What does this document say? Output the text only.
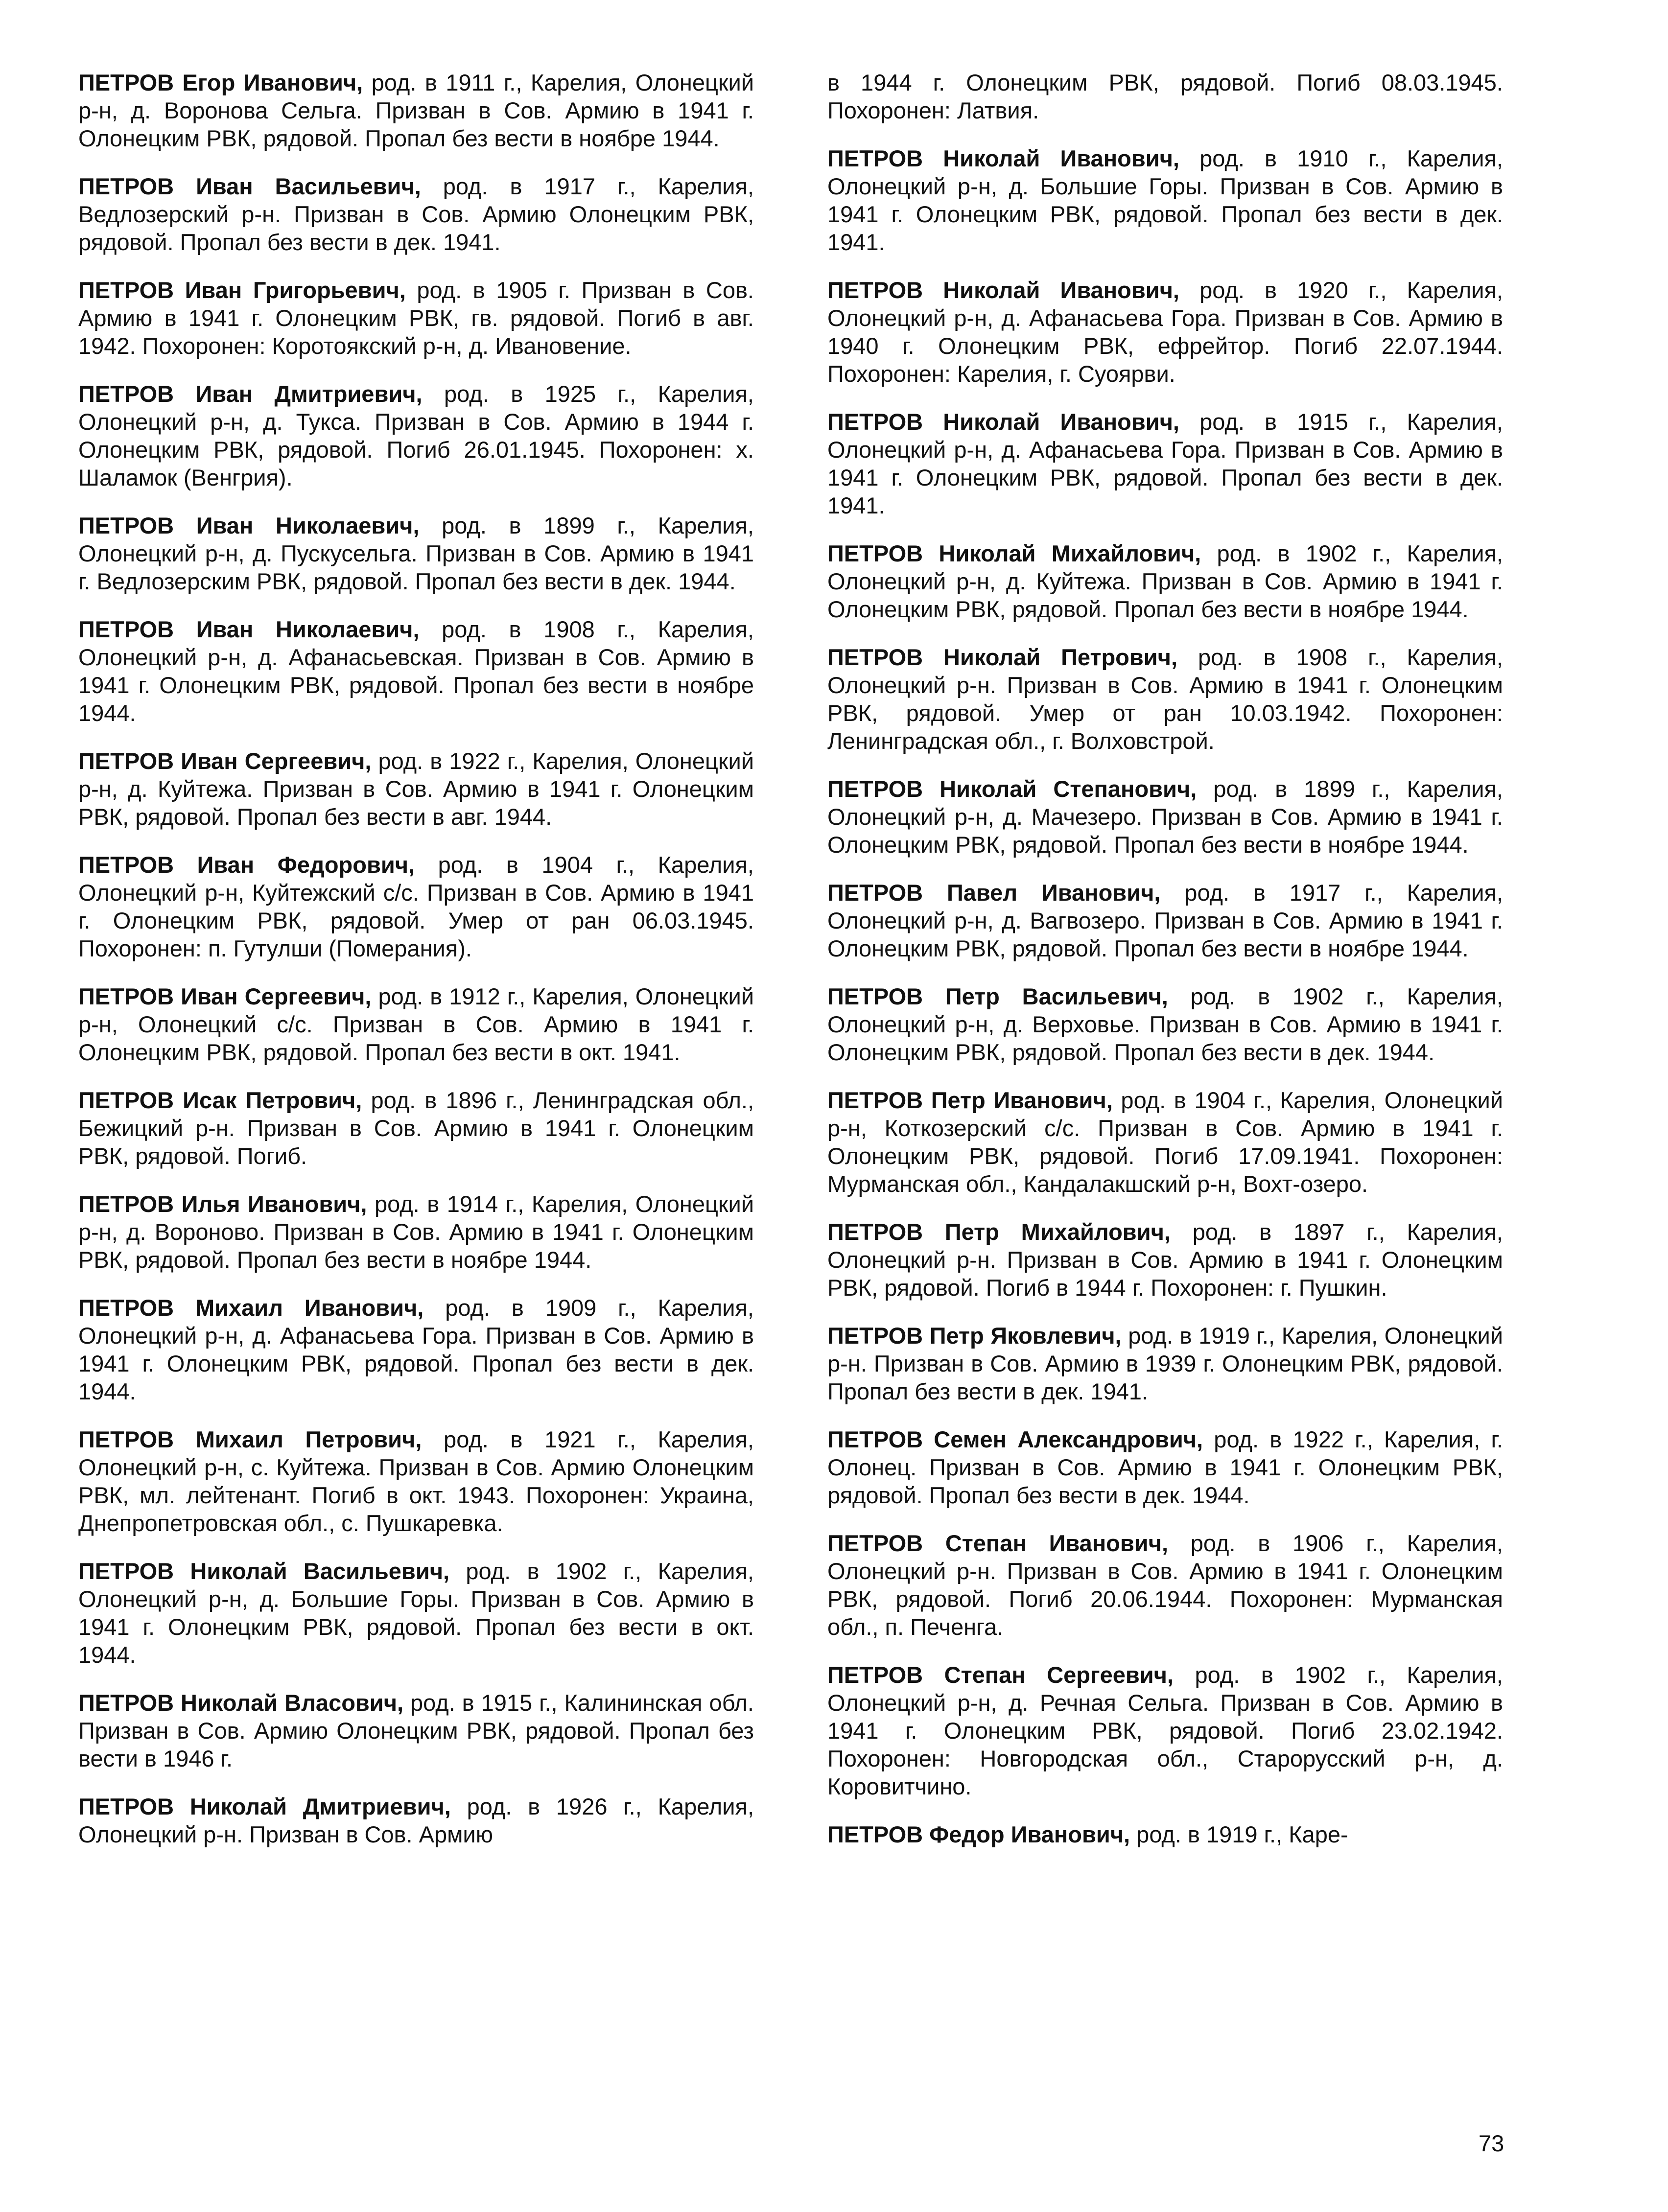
ПЕТРОВ Егор Иванович, род. в 1911 г., Карелия, Олонецкий р-н, д. Воронова Сельга. Призван в Сов. Армию в 1941 г. Олонецким РВК, рядовой. Пропал без вести в ноябре 1944.

ПЕТРОВ Иван Васильевич, род. в 1917 г., Карелия, Ведлозерский р-н. Призван в Сов. Армию Олонецким РВК, рядовой. Пропал без вести в дек. 1941.

ПЕТРОВ Иван Григорьевич, род. в 1905 г. Призван в Сов. Армию в 1941 г. Олонецким РВК, гв. рядовой. Погиб в авг. 1942. Похоронен: Коротоякский р-н, д. Ивановение.

ПЕТРОВ Иван Дмитриевич, род. в 1925 г., Карелия, Олонецкий р-н, д. Тукса. Призван в Сов. Армию в 1944 г. Олонецким РВК, рядовой. Погиб 26.01.1945. Похоронен: х. Шаламок (Венгрия).

ПЕТРОВ Иван Николаевич, род. в 1899 г., Карелия, Олонецкий р-н, д. Пускусельга. Призван в Сов. Армию в 1941 г. Ведлозерским РВК, рядовой. Пропал без вести в дек. 1944.

ПЕТРОВ Иван Николаевич, род. в 1908 г., Карелия, Олонецкий р-н, д. Афанасьевская. Призван в Сов. Армию в 1941 г. Олонецким РВК, рядовой. Пропал без вести в ноябре 1944.

ПЕТРОВ Иван Сергеевич, род. в 1922 г., Карелия, Олонецкий р-н, д. Куйтежа. Призван в Сов. Армию в 1941 г. Олонецким РВК, рядовой. Пропал без вести в авг. 1944.

ПЕТРОВ Иван Федорович, род. в 1904 г., Карелия, Олонецкий р-н, Куйтежский с/с. Призван в Сов. Армию в 1941 г. Олонецким РВК, рядовой. Умер от ран 06.03.1945. Похоронен: п. Гутулши (Померания).

ПЕТРОВ Иван Сергеевич, род. в 1912 г., Карелия, Олонецкий р-н, Олонецкий с/с. Призван в Сов. Армию в 1941 г. Олонецким РВК, рядовой. Пропал без вести в окт. 1941.

ПЕТРОВ Исак Петрович, род. в 1896 г., Ленинградская обл., Бежицкий р-н. Призван в Сов. Армию в 1941 г. Олонецким РВК, рядовой. Погиб.

ПЕТРОВ Илья Иванович, род. в 1914 г., Карелия, Олонецкий р-н, д. Вороново. Призван в Сов. Армию в 1941 г. Олонецким РВК, рядовой. Пропал без вести в ноябре 1944.

ПЕТРОВ Михаил Иванович, род. в 1909 г., Карелия, Олонецкий р-н, д. Афанасьева Гора. Призван в Сов. Армию в 1941 г. Олонецким РВК, рядовой. Пропал без вести в дек. 1944.

ПЕТРОВ Михаил Петрович, род. в 1921 г., Карелия, Олонецкий р-н, с. Куйтежа. Призван в Сов. Армию Олонецким РВК, мл. лейтенант. Погиб в окт. 1943. Похоронен: Украина, Днепропетровская обл., с. Пушкаревка.

ПЕТРОВ Николай Васильевич, род. в 1902 г., Карелия, Олонецкий р-н, д. Большие Горы. Призван в Сов. Армию в 1941 г. Олонецким РВК, рядовой. Пропал без вести в окт. 1944.

ПЕТРОВ Николай Власович, род. в 1915 г., Калининская обл. Призван в Сов. Армию Олонецким РВК, рядовой. Пропал без вести в 1946 г.

ПЕТРОВ Николай Дмитриевич, род. в 1926 г., Карелия, Олонецкий р-н. Призван в Сов. Армию

в 1944 г. Олонецким РВК, рядовой. Погиб 08.03.1945. Похоронен: Латвия.

ПЕТРОВ Николай Иванович, род. в 1910 г., Карелия, Олонецкий р-н, д. Большие Горы. Призван в Сов. Армию в 1941 г. Олонецким РВК, рядовой. Пропал без вести в дек. 1941.

ПЕТРОВ Николай Иванович, род. в 1920 г., Карелия, Олонецкий р-н, д. Афанасьева Гора. Призван в Сов. Армию в 1940 г. Олонецким РВК, ефрейтор. Погиб 22.07.1944. Похоронен: Карелия, г. Суоярви.

ПЕТРОВ Николай Иванович, род. в 1915 г., Карелия, Олонецкий р-н, д. Афанасьева Гора. Призван в Сов. Армию в 1941 г. Олонецким РВК, рядовой. Пропал без вести в дек. 1941.

ПЕТРОВ Николай Михайлович, род. в 1902 г., Карелия, Олонецкий р-н, д. Куйтежа. Призван в Сов. Армию в 1941 г. Олонецким РВК, рядовой. Пропал без вести в ноябре 1944.

ПЕТРОВ Николай Петрович, род. в 1908 г., Карелия, Олонецкий р-н. Призван в Сов. Армию в 1941 г. Олонецким РВК, рядовой. Умер от ран 10.03.1942. Похоронен: Ленинградская обл., г. Волховстрой.

ПЕТРОВ Николай Степанович, род. в 1899 г., Карелия, Олонецкий р-н, д. Мачезеро. Призван в Сов. Армию в 1941 г. Олонецким РВК, рядовой. Пропал без вести в ноябре 1944.

ПЕТРОВ Павел Иванович, род. в 1917 г., Карелия, Олонецкий р-н, д. Вагвозеро. Призван в Сов. Армию в 1941 г. Олонецким РВК, рядовой. Пропал без вести в ноябре 1944.

ПЕТРОВ Петр Васильевич, род. в 1902 г., Карелия, Олонецкий р-н, д. Верховье. Призван в Сов. Армию в 1941 г. Олонецким РВК, рядовой. Пропал без вести в дек. 1944.

ПЕТРОВ Петр Иванович, род. в 1904 г., Карелия, Олонецкий р-н, Коткозерский с/с. Призван в Сов. Армию в 1941 г. Олонецким РВК, рядовой. Погиб 17.09.1941. Похоронен: Мурманская обл., Кандалакшский р-н, Вохт-озеро.

ПЕТРОВ Петр Михайлович, род. в 1897 г., Карелия, Олонецкий р-н. Призван в Сов. Армию в 1941 г. Олонецким РВК, рядовой. Погиб в 1944 г. Похоронен: г. Пушкин.

ПЕТРОВ Петр Яковлевич, род. в 1919 г., Карелия, Олонецкий р-н. Призван в Сов. Армию в 1939 г. Олонецким РВК, рядовой. Пропал без вести в дек. 1941.

ПЕТРОВ Семен Александрович, род. в 1922 г., Карелия, г. Олонец. Призван в Сов. Армию в 1941 г. Олонецким РВК, рядовой. Пропал без вести в дек. 1944.

ПЕТРОВ Степан Иванович, род. в 1906 г., Карелия, Олонецкий р-н. Призван в Сов. Армию в 1941 г. Олонецким РВК, рядовой. Погиб 20.06.1944. Похоронен: Мурманская обл., п. Печенга.

ПЕТРОВ Степан Сергеевич, род. в 1902 г., Карелия, Олонецкий р-н, д. Речная Сельга. Призван в Сов. Армию в 1941 г. Олонецким РВК, рядовой. Погиб 23.02.1942. Похоронен: Новгородская обл., Старорусский р-н, д. Коровитчино.

ПЕТРОВ Федор Иванович, род. в 1919 г., Каре-

73
